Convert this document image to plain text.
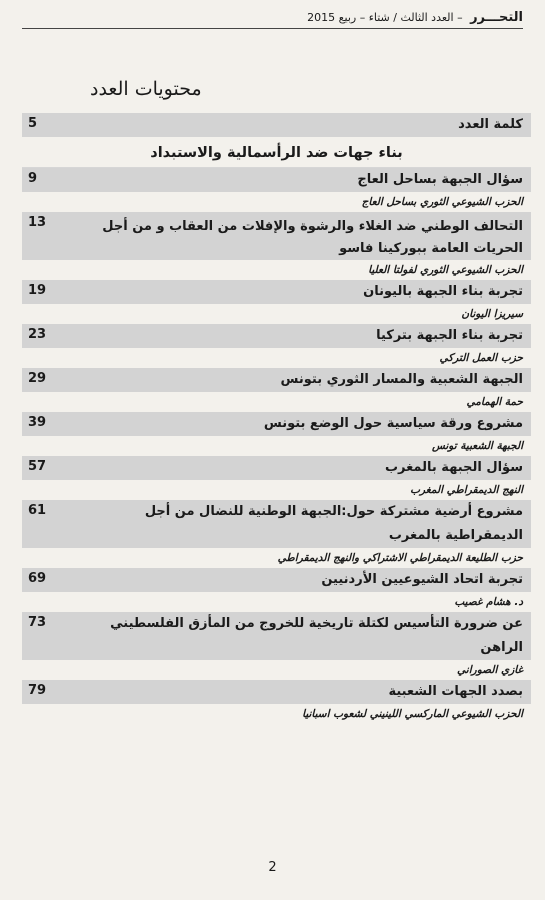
التحـــرر – العدد الثالث / شتاء – ربيع 2015
محتويات العدد
كلمة العدد
5
بناء جهات ضد الرأسمالية والاستبداد
سؤال الجبهة بساحل العاج
الحزب الشيوعي الثوري بساحل العاج
9
التحالف الوطني ضد الغلاء والرشوة والإفلات من العقاب و من أجل الحريات العامة ببوركينا فاسو
الحزب الشيوعي الثوري لفولتا العليا
13
تجربة بناء الجبهة باليونان
سيريزا اليونان
19
تجربة بناء الجبهة بتركيا
حزب العمل التركي
23
الجبهة الشعبية والمسار الثوري بتونس
حمة الهمامي
29
مشروع ورقة سياسية حول الوضع بتونس
الجبهة الشعبية تونس
39
سؤال الجبهة بالمغرب
النهج الديمقراطي المغرب
57
مشروع أرضية مشتركة حول:الجبهة الوطنية للنضال من أجل الديمقراطية بالمغرب
حزب الطليعة الديمقراطي الاشتراكي والنهج الديمقراطي
61
تجربة اتحاد الشيوعيين الأردنيين
د. هشام غصيب
69
عن ضرورة التأسيس لكتلة تاريخية للخروج من المأزق الفلسطيني الراهن
غازي الصوراني
73
بصدد الجهات الشعبية
الحزب الشيوعي الماركسي اللينيني لشعوب اسبانيا
79
2
